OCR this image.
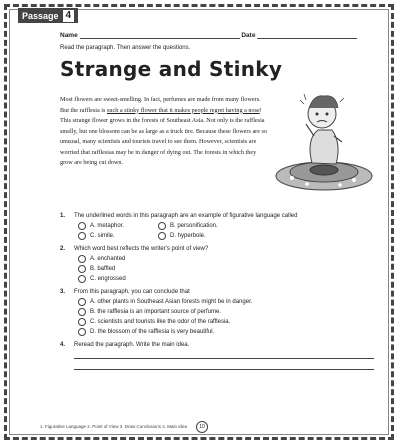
Passage 4
Name	Date
Read the paragraph. Then answer the questions.
Strange and Stinky
Most flowers are sweet-smelling. In fact, perfumes are made from many flowers. But the rafflesia is such a stinky flower that it makes people regret having a nose! This strange flower grows in the forests of Southeast Asia. Not only is the rafflesia smelly, but one blossom can be as large as a truck tire. Because these flowers are so unusual, many scientists and tourists travel to see them. However, scientists are worried that rafflesias may be in danger of dying out. The forests in which they grow are being cut down.
1.	The underlined words in this paragraph are an example of figurative language called
A. metaphor.	B. personification.
C. simile.	D. hyperbole.
2.	Which word best reflects the writer's point of view?
A. enchanted
B. baffled
C. engrossed
3.	From this paragraph, you can conclude that
A. other plants in Southeast Asian forests might be in danger.
B. the rafflesia is an important source of perfume.
C. scientists and tourists like the odor of the rafflesia.
D. the blossom of the rafflesia is very beautiful.
4.	Reread the paragraph. Write the main idea.
1. Figurative Language 2. Point of View 3. Draw Conclusions 4. Main Idea	10
